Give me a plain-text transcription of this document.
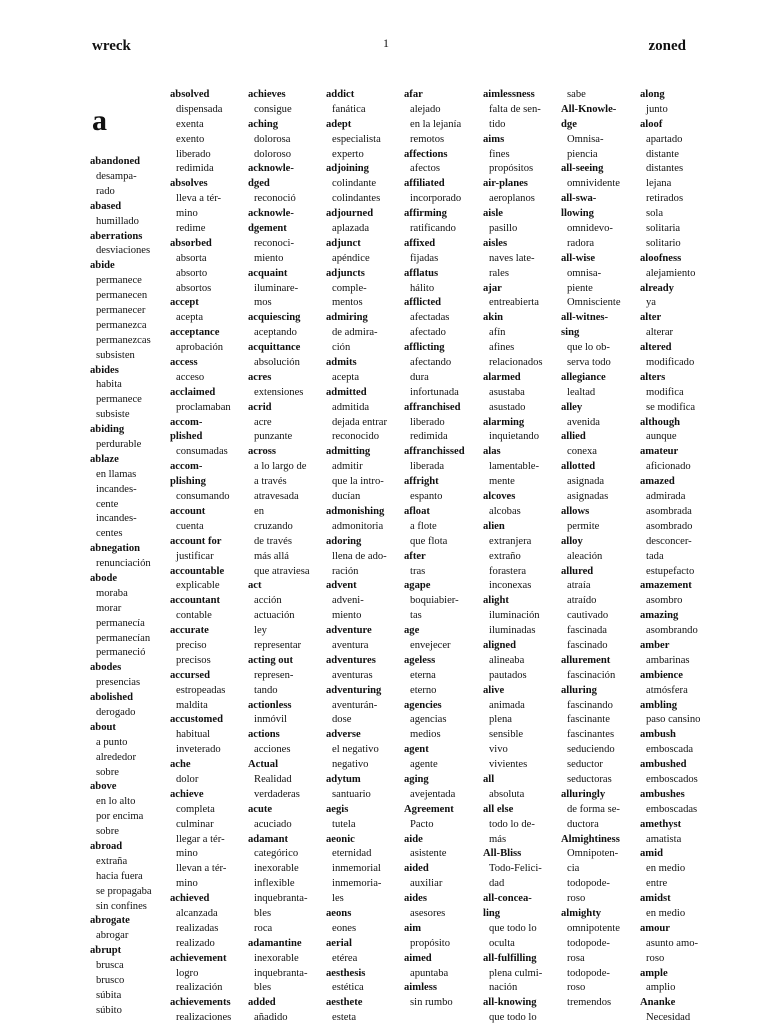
wreck	1	zoned
a
abandoned
desampa-
rado
abased
humillado
aberrations
desviaciones
abide
permanece
permanecen
permanecer
permanezca
permanezcas
subsisten
abides
habita
permanece
subsiste
abiding
perdurable
ablaze
en llamas
incandes-
cente
incandes-
centes
abnegation
renunciación
abode
moraba
morar
permanecía
permanecían
permaneció
abodes
presencias
abolished
derogado
about
a punto
alrededor
sobre
above
en lo alto
por encima
sobre
abroad
extraña
hacia fuera
se propagaba
sin confines
abrogate
abrogar
abrupt
brusca
brusco
súbita
súbito
absolved
dispensada
exenta
exento
liberado
redimida
absolves
lleva a tér-
mino
redime
absorbed
absorta
absorto
absortos
accept
acepta
acceptance
aprobación
access
acceso
acclaimed
proclamaban
accom-
plished
consumadas
accom-
plishing
consumando
account
cuenta
account for
justificar
accountable
explicable
accountant
contable
accurate
preciso
precisos
accursed
estropeadas
maldita
accustomed
habitual
inveterado
ache
dolor
achieve
completa
culminar
llegar a tér-
mino
llevan a tér-
mino
achieved
alcanzada
realizadas
realizado
achievement
logro
realización
achievements
realizaciones
achieves
consigue
aching
dolorosa
doloroso
acknowle-
dged
reconoció
acknowle-
dgement
reconoci-
miento
acquaint
iluminare-
mos
acquiescing
aceptando
acquittance
absolución
acres
extensiones
acrid
acre
punzante
across
a lo largo de
a través
atravesada
en
cruzando
de través
más allá
que atraviesa
act
acción
actuación
ley
representar
acting out
represen-
tando
actionless
inmóvil
actions
acciones
Actual
Realidad
verdaderas
acute
acuciado
adamant
categórico
inexorable
inflexible
inquebranta-
bles
roca
adamantine
inexorable
inquebranta-
bles
added
añadido
addict
fanática
adept
especialista
experto
adjoining
colindante
colindantes
adjourned
aplazada
adjunct
apéndice
adjuncts
comple-
mentos
admiring
de admira-
ción
admits
acepta
admitted
admitida
dejada entrar
reconocido
admitting
admitir
que la intro-
ducían
admonishing
admonitoria
adoring
llena de ado-
ración
advent
adveni-
miento
adventure
aventura
adventures
aventuras
adventuring
aventurán-
dose
adverse
el negativo
negativo
adytum
santuario
aegis
tutela
aeonic
eternidad
inmemorial
inmemoria-
les
aeons
eones
aerial
etérea
aesthesis
estética
aesthete
esteta
afar
alejado
en la lejanía
remotos
affections
afectos
affiliated
incorporado
affirming
ratificando
affixed
fijadas
afflatus
hálito
afflicted
afectadas
afectado
afflicting
afectando
dura
infortunada
affranchised
liberado
redimida
affranchissed
liberada
affright
espanto
afloat
a flote
que flota
after
tras
agape
boquiabier-
tas
age
envejecer
ageless
eterna
eterno
agencies
agencias
medios
agent
agente
aging
avejentada
Agreement
Pacto
aide
asistente
aided
auxiliar
aides
asesores
aim
propósito
aimed
apuntaba
aimless
sin rumbo
aimlessness
falta de sen-
tido
aims
fines
propósitos
air-planes
aeroplanos
aisle
pasillo
aisles
naves late-
rales
ajar
entreabierta
akin
afín
afines
relacionados
alarmed
asustaba
asustado
alarming
inquietando
alas
lamentable-
mente
alcoves
alcobas
alien
extranjera
extraño
forastera
inconexas
alight
iluminación
iluminadas
aligned
alineaba
pautados
alive
animada
plena
sensible
vivo
vivientes
all
absoluta
all else
todo lo de-
más
All-Bliss
Todo-Felici-
dad
all-concea-
ling
que todo lo
oculta
all-fulfilling
plena culmi-
nación
all-knowing
que todo lo
sabe
All-Knowle-
dge
Omnisa-
piencia
all-seeing
omnividente
all-swa-
llowing
omnidevo-
radora
all-wise
omnisa-
piente
Omnisciente
all-witnes-
sing
que lo ob-
serva todo
allegiance
lealtad
alley
avenida
allied
conexa
allotted
asignada
asignadas
allows
permite
alloy
aleación
allured
atraía
atraído
cautivado
fascinada
fascinado
allurement
fascinación
alluring
fascinando
fascinante
fascinantes
seduciendo
seductor
seductoras
alluringly
de forma se-
ductora
Almightiness
Omnipoten-
cia
todopode-
roso
almighty
omnipotente
todopode-
rosa
todopode-
roso
tremendos
along
junto
aloof
apartado
distante
distantes
lejana
retirados
sola
solitaria
solitario
aloofness
alejamiento
already
ya
alter
alterar
altered
modificado
alters
modifica
se modifica
although
aunque
amateur
aficionado
amazed
admirada
asombrada
asombrado
desconcer-
tada
estupefacto
amazement
asombro
amazing
asombrando
amber
ambarinas
ambience
atmósfera
ambling
paso cansino
ambush
emboscada
ambushed
emboscados
ambushes
emboscadas
amethyst
amatista
amid
en medio
entre
amidst
en medio
amour
asunto amo-
roso
ample
amplio
Ananke
Necesidad
